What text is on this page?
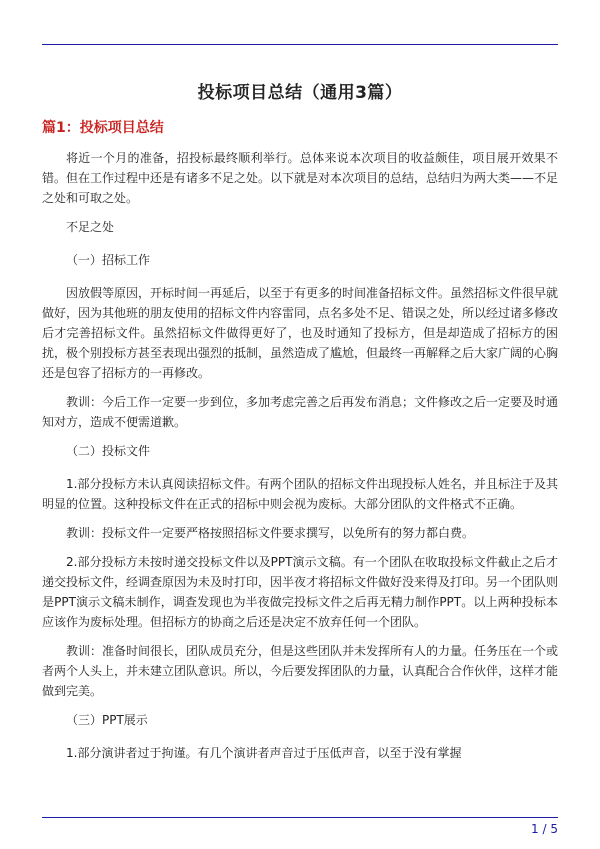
投标项目总结（通用3篇）
篇1：投标项目总结

将近一个月的准备，招投标最终顺利举行。总体来说本次项目的收益颇佳，项目展开效果不错。但在工作过程中还是有诸多不足之处。以下就是对本次项目的总结，总结归为两大类——不足之处和可取之处。

不足之处

（一）招标工作

因放假等原因，开标时间一再延后，以至于有更多的时间准备招标文件。虽然招标文件很早就做好，因为其他班的朋友使用的招标文件内容雷同，点名多处不足、错误之处，所以经过诸多修改后才完善招标文件。虽然招标文件做得更好了，也及时通知了投标方，但是却造成了招标方的困扰，极个别投标方甚至表现出强烈的抵制，虽然造成了尴尬，但最终一再解释之后大家广阔的心胸还是包容了招标方的一再修改。

教训：今后工作一定要一步到位，多加考虑完善之后再发布消息；文件修改之后一定要及时通知对方，造成不便需道歉。

（二）投标文件

1.部分投标方未认真阅读招标文件。有两个团队的招标文件出现投标人姓名，并且标注于及其明显的位置。这种投标文件在正式的招标中则会视为废标。大部分团队的文件格式不正确。

教训：投标文件一定要严格按照招标文件要求撰写，以免所有的努力都白费。

2.部分投标方未按时递交投标文件以及PPT演示文稿。有一个团队在收取投标文件截止之后才递交投标文件，经调查原因为未及时打印，因半夜才将招标文件做好没来得及打印。另一个团队则是PPT演示文稿未制作，调查发现也为半夜做完投标文件之后再无精力制作PPT。以上两种投标本应该作为废标处理。但招标方的协商之后还是决定不放弃任何一个团队。

教训：准备时间很长，团队成员充分，但是这些团队并未发挥所有人的力量。任务压在一个或者两个人头上，并未建立团队意识。所以，今后要发挥团队的力量，认真配合合作伙伴，这样才能做到完美。

（三）PPT展示

1.部分演讲者过于拘谨。有几个演讲者声音过于压低声音，以至于没有掌握

1 / 5
